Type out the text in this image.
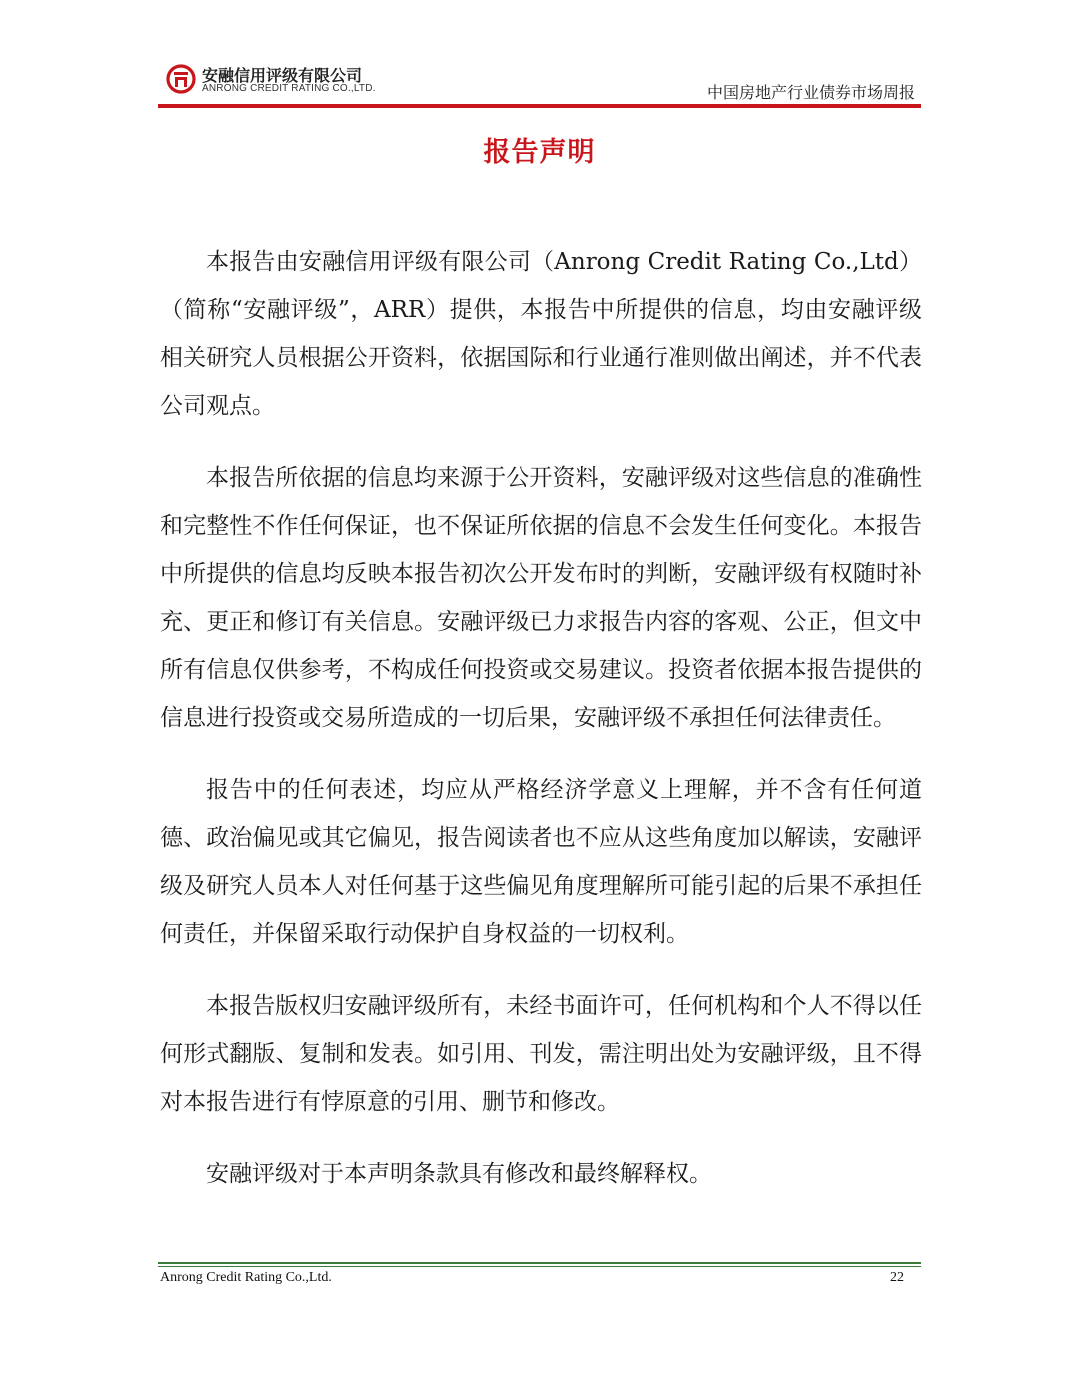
安融信用评级有限公司
ANRONG CREDIT RATING CO.,LTD.	中国房地产行业债券市场周报
报告声明

本报告由安融信用评级有限公司（Anrong Credit Rating Co.,Ltd）（简称“安融评级”，ARR）提供，本报告中所提供的信息，均由安融评级相关研究人员根据公开资料，依据国际和行业通行准则做出阐述，并不代表公司观点。

本报告所依据的信息均来源于公开资料，安融评级对这些信息的准确性和完整性不作任何保证，也不保证所依据的信息不会发生任何变化。本报告中所提供的信息均反映本报告初次公开发布时的判断，安融评级有权随时补充、更正和修订有关信息。安融评级已力求报告内容的客观、公正，但文中所有信息仅供参考，不构成任何投资或交易建议。投资者依据本报告提供的信息进行投资或交易所造成的一切后果，安融评级不承担任何法律责任。

报告中的任何表述，均应从严格经济学意义上理解，并不含有任何道德、政治偏见或其它偏见，报告阅读者也不应从这些角度加以解读，安融评级及研究人员本人对任何基于这些偏见角度理解所可能引起的后果不承担任何责任，并保留采取行动保护自身权益的一切权利。

本报告版权归安融评级所有，未经书面许可，任何机构和个人不得以任何形式翻版、复制和发表。如引用、刊发，需注明出处为安融评级，且不得对本报告进行有悖原意的引用、删节和修改。

安融评级对于本声明条款具有修改和最终解释权。

Anrong Credit Rating Co.,Ltd.	22
